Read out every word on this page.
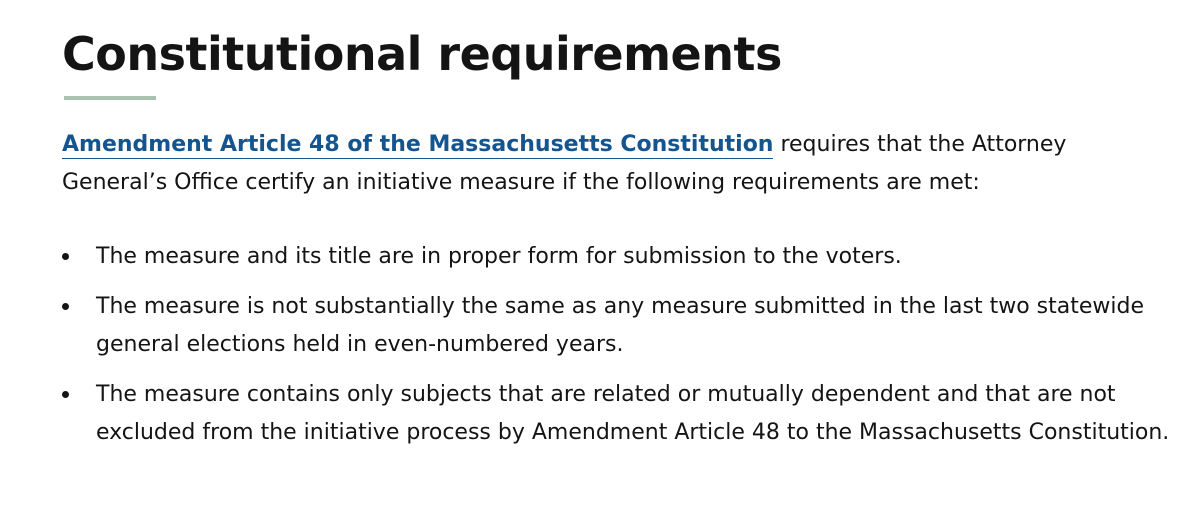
Constitutional requirements

Amendment Article 48 of the Massachusetts Constitution requires that the Attorney General’s Office certify an initiative measure if the following requirements are met:

The measure and its title are in proper form for submission to the voters.
The measure is not substantially the same as any measure submitted in the last two statewide general elections held in even-numbered years.
The measure contains only subjects that are related or mutually dependent and that are not excluded from the initiative process by Amendment Article 48 to the Massachusetts Constitution.
